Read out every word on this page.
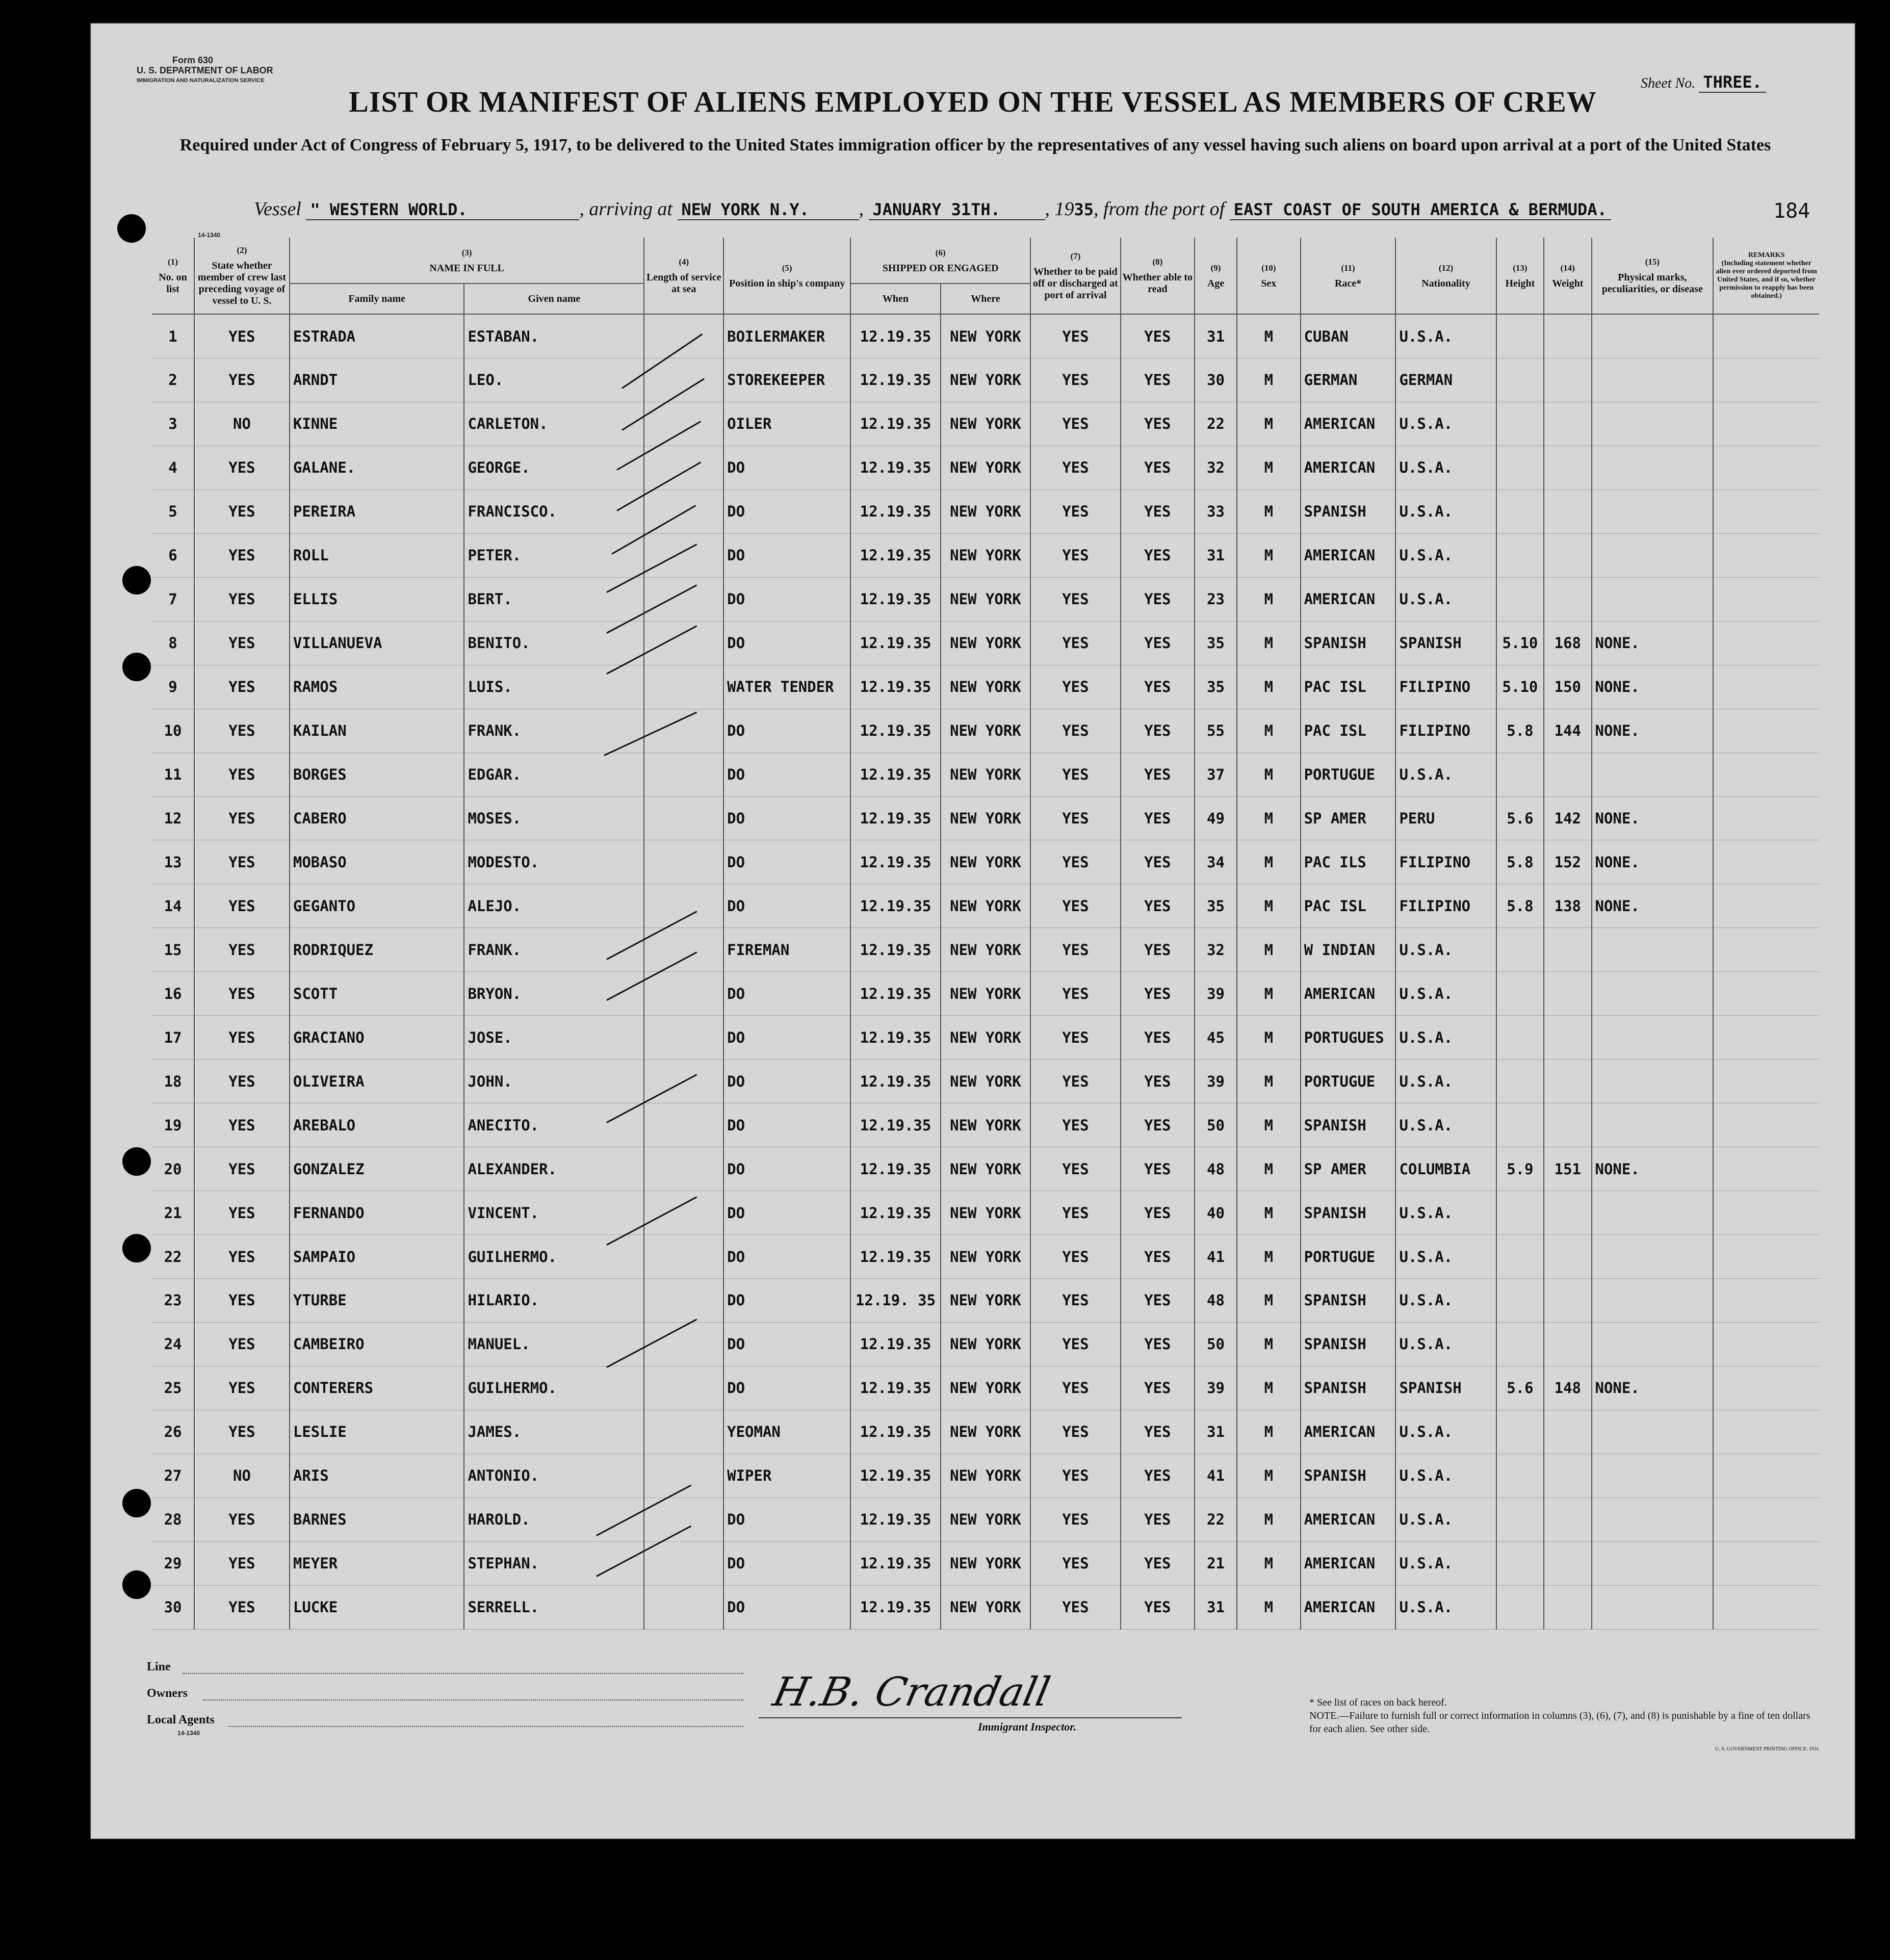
Form 630
U. S. DEPARTMENT OF LABOR
IMMIGRATION AND NATURALIZATION SERVICE
14-1340
Sheet No. THREE.
184
LIST OR MANIFEST OF ALIENS EMPLOYED ON THE VESSEL AS MEMBERS OF CREW
Required under Act of Congress of February 5, 1917, to be delivered to the United States immigration officer by the representatives of any vessel having such aliens on board upon arrival at a port of the United States
Vessel " WESTERN WORLD.	, arriving at NEW YORK N.Y.	, JANUARY 31TH. , 1935, from the port of EAST COAST OF SOUTH AMERICA & BERMUDA.
(1)
No. on list	(2)
State whether member of crew last preceding voyage of vessel to U. S.	(3)
NAME IN FULL		(4)
Length of service at sea	(5)
Position in ship's company	(6)
SHIPPED OR ENGAGED		(7)
Whether to be paid off or discharged at port of arrival	(8)
Whether able to read	(9)
Age	(10)
Sex	(11)
Race*	(12)
Nationality	(13)
Height	(14)
Weight	(15)
Physical marks, peculiarities, or disease	REMARKS
(Including statement whether alien ever ordered deported from United States, and if so, whether permission to reapply has been obtained.)
		Family name	Given name			When	Where										
1	YES	ESTRADA	ESTABAN.		BOILERMAKER	12.19.35	NEW YORK	YES	YES	31	M	CUBAN	U.S.A.				
2	YES	ARNDT	LEO.		STOREKEEPER	12.19.35	NEW YORK	YES	YES	30	M	GERMAN	GERMAN				
3	NO	KINNE	CARLETON.		OILER	12.19.35	NEW YORK	YES	YES	22	M	AMERICAN	U.S.A.				
4	YES	GALANE.	GEORGE.		DO	12.19.35	NEW YORK	YES	YES	32	M	AMERICAN	U.S.A.				
5	YES	PEREIRA	FRANCISCO.		DO	12.19.35	NEW YORK	YES	YES	33	M	SPANISH	U.S.A.				
6	YES	ROLL	PETER.		DO	12.19.35	NEW YORK	YES	YES	31	M	AMERICAN	U.S.A.				
7	YES	ELLIS	BERT.		DO	12.19.35	NEW YORK	YES	YES	23	M	AMERICAN	U.S.A.				
8	YES	VILLANUEVA	BENITO.		DO	12.19.35	NEW YORK	YES	YES	35	M	SPANISH	SPANISH	5.10	168	NONE.	
9	YES	RAMOS	LUIS.		WATER TENDER	12.19.35	NEW YORK	YES	YES	35	M	PAC ISL	FILIPINO	5.10	150	NONE.	
10	YES	KAILAN	FRANK.		DO	12.19.35	NEW YORK	YES	YES	55	M	PAC ISL	FILIPINO	5.8	144	NONE.	
11	YES	BORGES	EDGAR.		DO	12.19.35	NEW YORK	YES	YES	37	M	PORTUGUE	U.S.A.				
12	YES	CABERO	MOSES.		DO	12.19.35	NEW YORK	YES	YES	49	M	SP AMER	PERU	5.6	142	NONE.	
13	YES	MOBASO	MODESTO.		DO	12.19.35	NEW YORK	YES	YES	34	M	PAC ILS	FILIPINO	5.8	152	NONE.	
14	YES	GEGANTO	ALEJO.		DO	12.19.35	NEW YORK	YES	YES	35	M	PAC ISL	FILIPINO	5.8	138	NONE.	
15	YES	RODRIQUEZ	FRANK.		FIREMAN	12.19.35	NEW YORK	YES	YES	32	M	W INDIAN	U.S.A.				
16	YES	SCOTT	BRYON.		DO	12.19.35	NEW YORK	YES	YES	39	M	AMERICAN	U.S.A.				
17	YES	GRACIANO	JOSE.		DO	12.19.35	NEW YORK	YES	YES	45	M	PORTUGUES	U.S.A.				
18	YES	OLIVEIRA	JOHN.		DO	12.19.35	NEW YORK	YES	YES	39	M	PORTUGUE	U.S.A.				
19	YES	AREBALO	ANECITO.		DO	12.19.35	NEW YORK	YES	YES	50	M	SPANISH	U.S.A.				
20	YES	GONZALEZ	ALEXANDER.		DO	12.19.35	NEW YORK	YES	YES	48	M	SP AMER	COLUMBIA	5.9	151	NONE.	
21	YES	FERNANDO	VINCENT.		DO	12.19.35	NEW YORK	YES	YES	40	M	SPANISH	U.S.A.				
22	YES	SAMPAIO	GUILHERMO.		DO	12.19.35	NEW YORK	YES	YES	41	M	PORTUGUE	U.S.A.				
23	YES	YTURBE	HILARIO.		DO	12.19. 35	NEW YORK	YES	YES	48	M	SPANISH	U.S.A.				
24	YES	CAMBEIRO	MANUEL.		DO	12.19.35	NEW YORK	YES	YES	50	M	SPANISH	U.S.A.				
25	YES	CONTERERS	GUILHERMO.		DO	12.19.35	NEW YORK	YES	YES	39	M	SPANISH	SPANISH	5.6	148	NONE.	
26	YES	LESLIE	JAMES.		YEOMAN	12.19.35	NEW YORK	YES	YES	31	M	AMERICAN	U.S.A.				
27	NO	ARIS	ANTONIO.		WIPER	12.19.35	NEW YORK	YES	YES	41	M	SPANISH	U.S.A.				
28	YES	BARNES	HAROLD.		DO	12.19.35	NEW YORK	YES	YES	22	M	AMERICAN	U.S.A.				
29	YES	MEYER	STEPHAN.		DO	12.19.35	NEW YORK	YES	YES	21	M	AMERICAN	U.S.A.				
30	YES	LUCKE	SERRELL.		DO	12.19.35	NEW YORK	YES	YES	31	M	AMERICAN	U.S.A.				
Line
Owners
Local Agents
14-1340
H.B. Crandall
Immigrant Inspector.
* See list of races on back hereof.
NOTE.—Failure to furnish full or correct information in columns (3), (6), (7), and (8) is punishable by a fine of ten dollars for each alien. See other side.
U. S. GOVERNMENT PRINTING OFFICE: 1931
